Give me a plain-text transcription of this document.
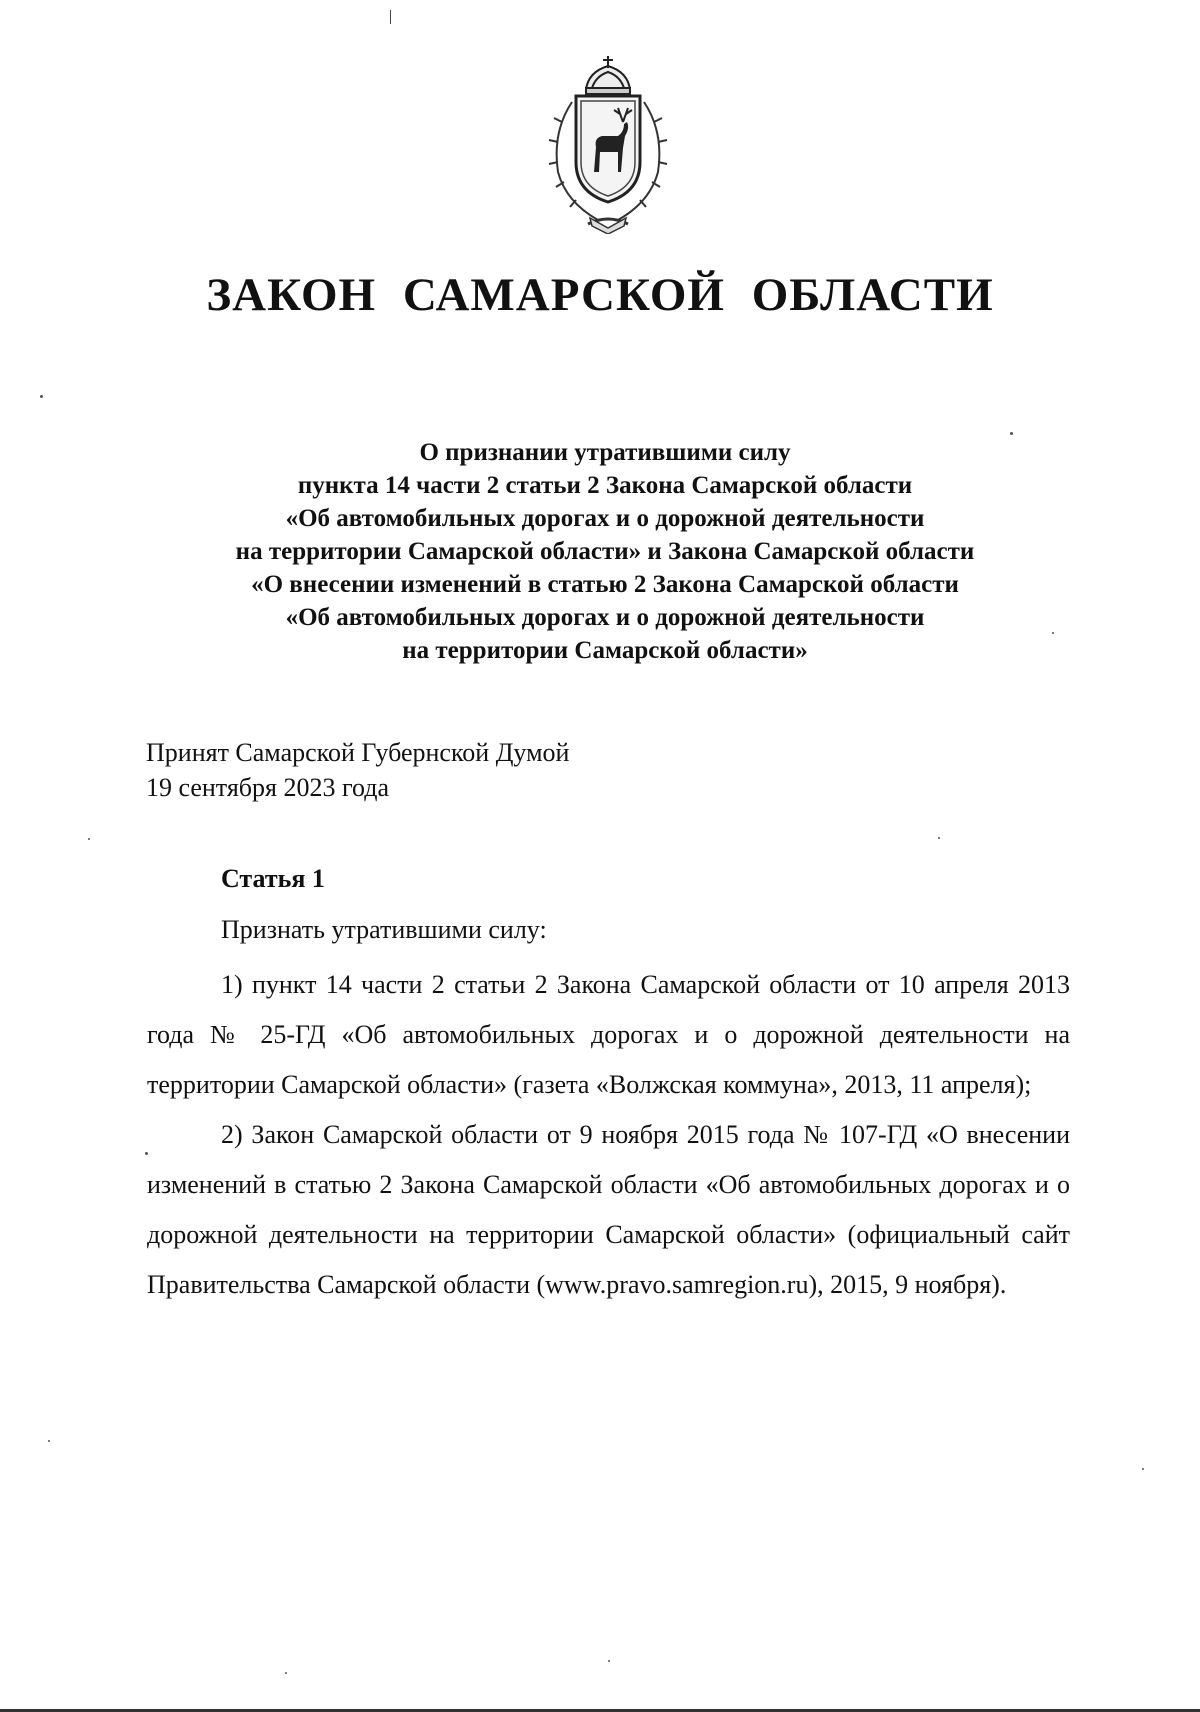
ЗАКОН САМАРСКОЙ ОБЛАСТИ
О признании утратившими силу
пункта 14 части 2 статьи 2 Закона Самарской области
«Об автомобильных дорогах и о дорожной деятельности
на территории Самарской области» и Закона Самарской области
«О внесении изменений в статью 2 Закона Самарской области
«Об автомобильных дорогах и о дорожной деятельности
на территории Самарской области»
Принят Самарской Губернской Думой
19 сентября 2023 года
Статья 1
Признать утратившими силу:

1) пункт 14 части 2 статьи 2 Закона Самарской области от 10 апреля 2013 года № 25-ГД «Об автомобильных дорогах и о дорожной деятельности на территории Самарской области» (газета «Волжская коммуна», 2013, 11 апреля);

2) Закон Самарской области от 9 ноября 2015 года № 107-ГД «О внесении изменений в статью 2 Закона Самарской области «Об автомобильных дорогах и о дорожной деятельности на территории Самарской области» (официальный сайт Правительства Самарской области (www.pravo.samregion.ru), 2015, 9 ноября).
